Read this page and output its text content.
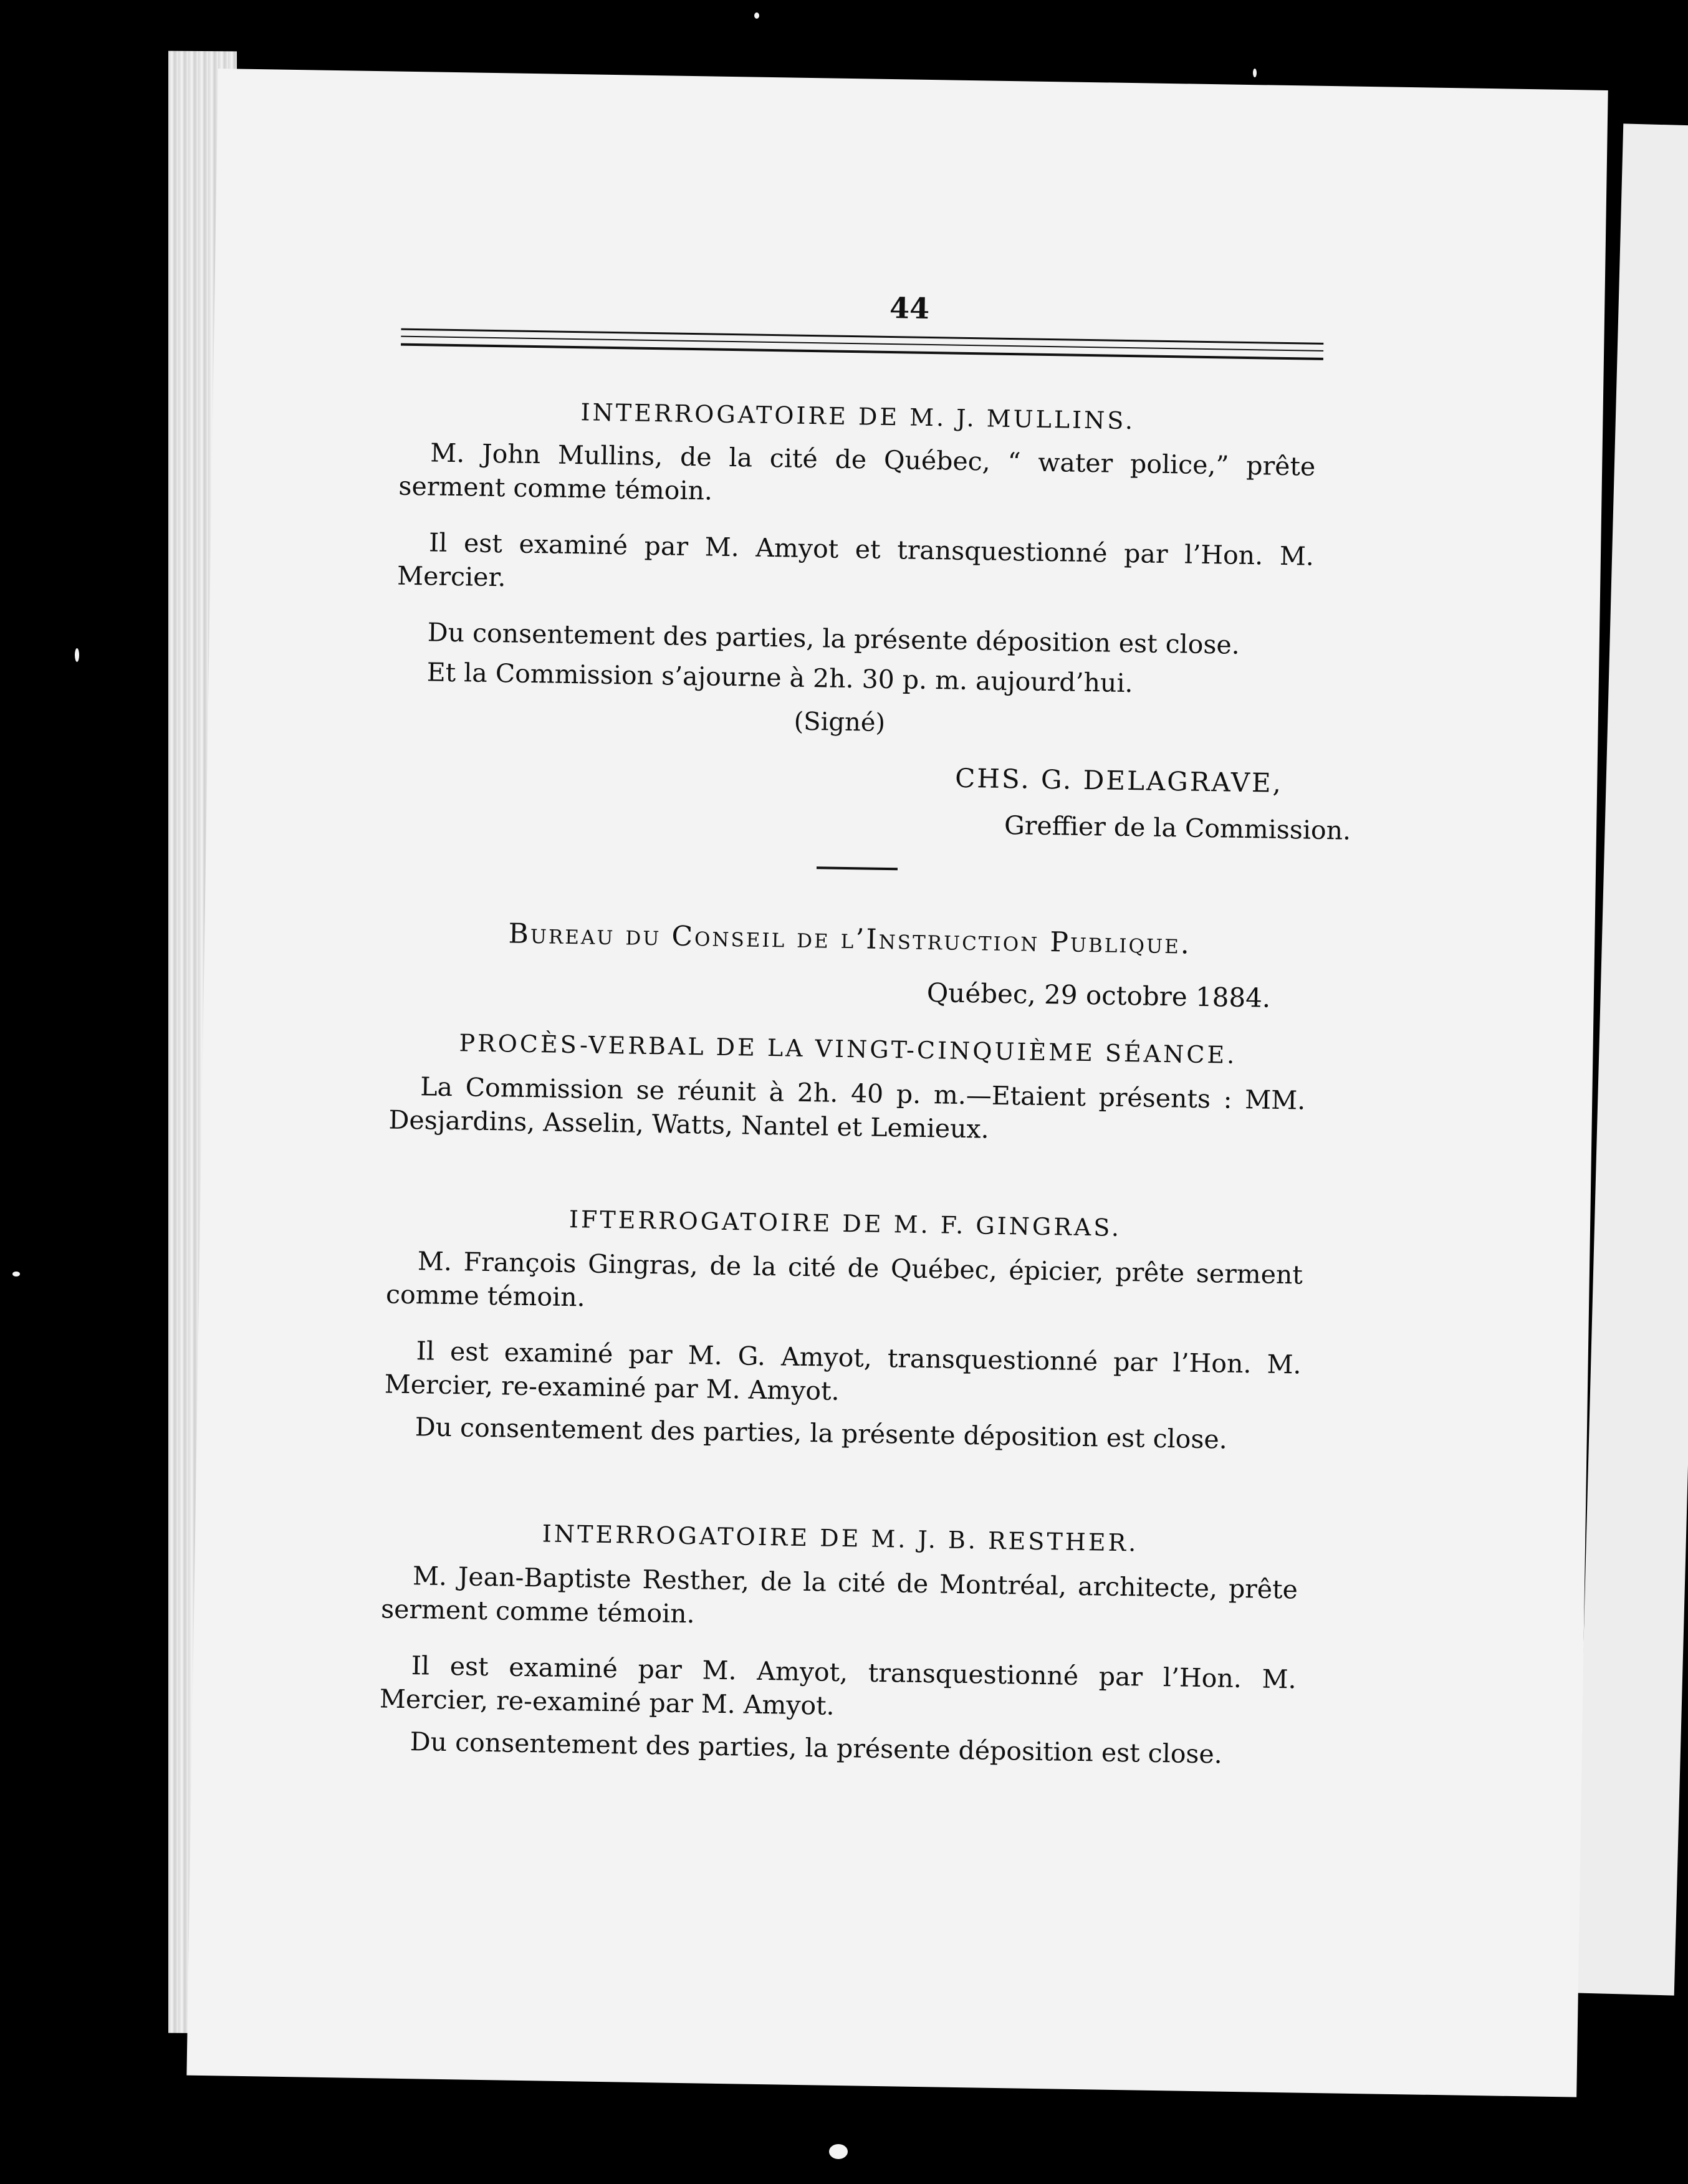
44
INTERROGATOIRE DE M. J. MULLINS.

M. John Mullins, de la cité de Québec, “ water police,” prête serment comme témoin.

Il est examiné par M. Amyot et transquestionné par l’Hon. M. Mercier.

Du consentement des parties, la présente déposition est close.

Et la Commission s’ajourne à 2h. 30 p. m. aujourd’hui.

(Signé)
CHS. G. DELAGRAVE,
Greffier de la Commission.
Bureau du Conseil de l’Instruction Publique.
Québec, 29 octobre 1884.
PROCÈS-VERBAL DE LA VINGT-CINQUIÈME SÉANCE.

La Commission se réunit à 2h. 40 p. m.—Etaient présents : MM. Desjardins, Asselin, Watts, Nantel et Lemieux.

IFTERROGATOIRE DE M. F. GINGRAS.

M. François Gingras, de la cité de Québec, épicier, prête serment comme témoin.

Il est examiné par M. G. Amyot, transquestionné par l’Hon. M. Mercier, re-examiné par M. Amyot.

Du consentement des parties, la présente déposition est close.

INTERROGATOIRE DE M. J. B. RESTHER.

M. Jean-Baptiste Resther, de la cité de Montréal, architecte, prête serment comme témoin.

Il est examiné par M. Amyot, transquestionné par l’Hon. M. Mercier, re-examiné par M. Amyot.

Du consentement des parties, la présente déposition est close.
